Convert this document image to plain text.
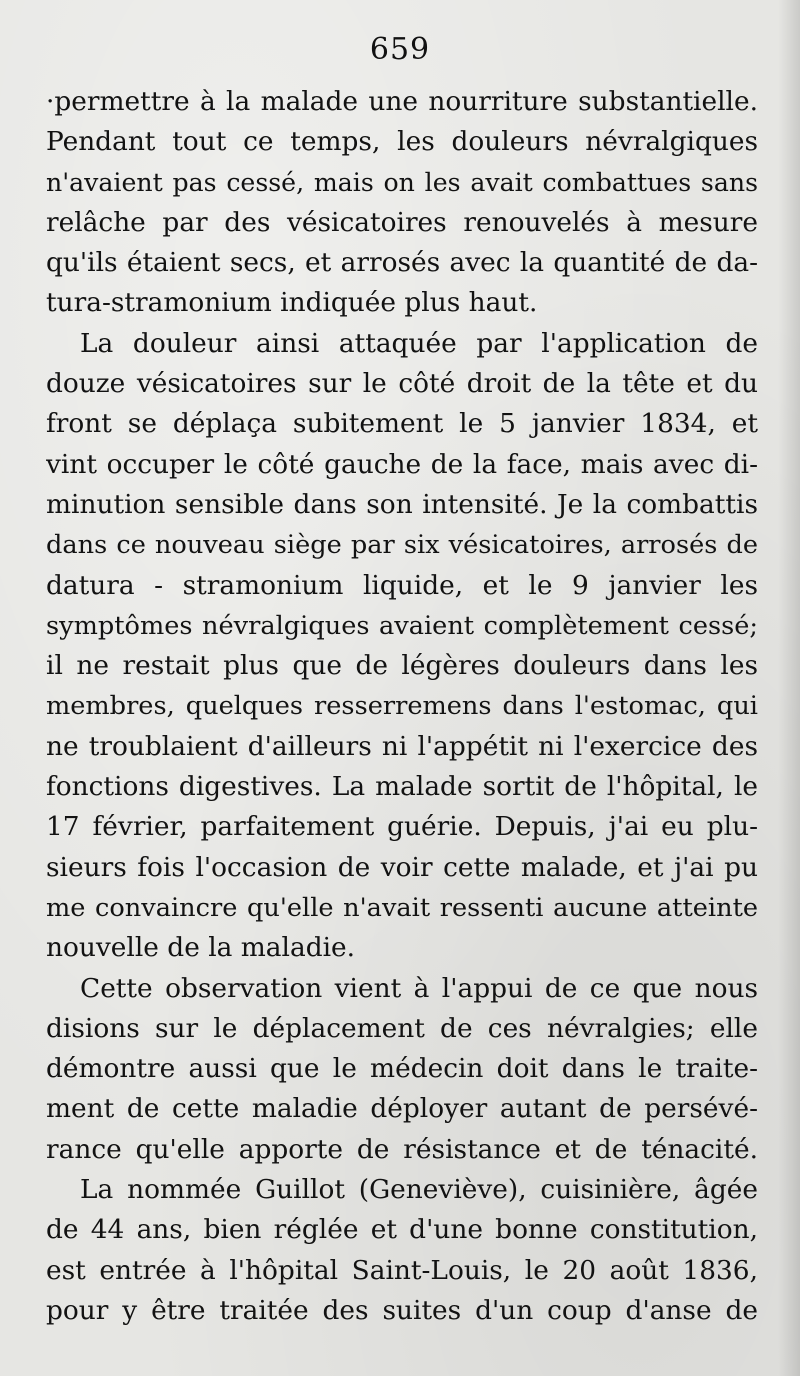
659
·permettre à la malade une nourriture substantielle.
Pendant tout ce temps, les douleurs névralgiques
n'avaient pas cessé, mais on les avait combattues sans
relâche par des vésicatoires renouvelés à mesure
qu'ils étaient secs, et arrosés avec la quantité de da-
tura-stramonium indiquée plus haut.
La douleur ainsi attaquée par l'application de
douze vésicatoires sur le côté droit de la tête et du
front se déplaça subitement le 5 janvier 1834, et
vint occuper le côté gauche de la face, mais avec di-
minution sensible dans son intensité. Je la combattis
dans ce nouveau siège par six vésicatoires, arrosés de
datura - stramonium liquide, et le 9 janvier les
symptômes névralgiques avaient complètement cessé;
il ne restait plus que de légères douleurs dans les
membres, quelques resserremens dans l'estomac, qui
ne troublaient d'ailleurs ni l'appétit ni l'exercice des
fonctions digestives. La malade sortit de l'hôpital, le
17 février, parfaitement guérie. Depuis, j'ai eu plu-
sieurs fois l'occasion de voir cette malade, et j'ai pu
me convaincre qu'elle n'avait ressenti aucune atteinte
nouvelle de la maladie.
Cette observation vient à l'appui de ce que nous
disions sur le déplacement de ces névralgies; elle
démontre aussi que le médecin doit dans le traite-
ment de cette maladie déployer autant de persévé-
rance qu'elle apporte de résistance et de ténacité.
La nommée Guillot (Geneviève), cuisinière, âgée
de 44 ans, bien réglée et d'une bonne constitution,
est entrée à l'hôpital Saint-Louis, le 20 août 1836,
pour y être traitée des suites d'un coup d'anse de
